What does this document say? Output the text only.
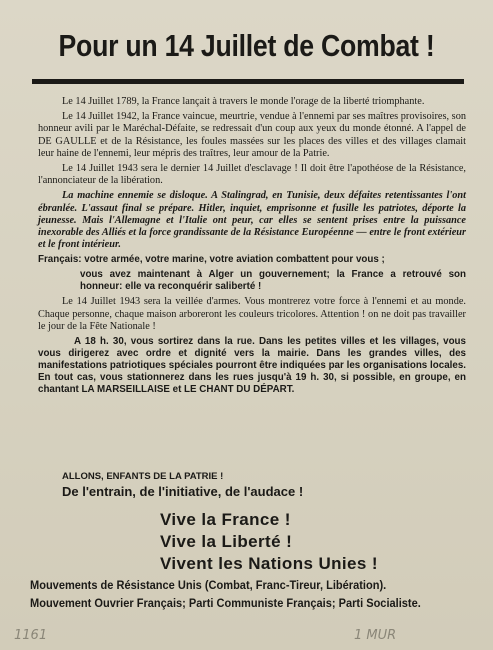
Pour un 14 Juillet de Combat !

Le 14 Juillet 1789, la France lançait à travers le monde l'orage de la liberté triomphante.

Le 14 Juillet 1942, la France vaincue, meurtrie, vendue à l'ennemi par ses maîtres provisoires, son honneur avili par le Maréchal-Défaite, se redressait d'un coup aux yeux du monde étonné. A l'appel de DE GAULLE et de la Résistance, les foules massées sur les places des villes et des villages clamait leur haine de l'ennemi, leur mépris des traîtres, leur amour de la Patrie.

Le 14 Juillet 1943 sera le dernier 14 Juillet d'esclavage ! Il doit être l'apothéose de la Résistance, l'annonciateur de la libération.

La machine ennemie se disloque. A Stalingrad, en Tunisie, deux défaites retentissantes l'ont ébranlée. L'assaut final se prépare. Hitler, inquiet, emprisonne et fusille les patriotes, déporte la jeunesse. Mais l'Allemagne et l'Italie ont peur, car elles se sentent prises entre la puissance inexorable des Alliés et la force grandissante de la Résistance Européenne — entre le front extérieur et le front intérieur.

Français: votre armée, votre marine, votre aviation combattent pour vous ;

vous avez maintenant à Alger un gouvernement; la France a retrouvé son honneur: elle va reconquérir saliberté !

Le 14 Juillet 1943 sera la veillée d'armes. Vous montrerez votre force à l'ennemi et au monde. Chaque personne, chaque maison arboreront les couleurs tricolores. Attention ! on ne doit pas travailler le jour de la Fête Nationale !

A 18 h. 30, vous sortirez dans la rue. Dans les petites villes et les villages, vous vous dirigerez avec ordre et dignité vers la mairie. Dans les grandes villes, des manifestations patriotiques spéciales pourront être indiquées par les organisations locales. En tout cas, vous stationnerez dans les rues jusqu'à 19 h. 30, si possible, en groupe, en chantant LA MARSEILLAISE et LE CHANT DU DÉPART.

ALLONS, ENFANTS DE LA PATRIE !
De l'entrain, de l'initiative, de l'audace !
Vive la France !
Vive la Liberté !
Vivent les Nations Unies !
Mouvements de Résistance Unis (Combat, Franc-Tireur, Libération).
Mouvement Ouvrier Français; Parti Communiste Français; Parti Socialiste.
1161	1 MUR
